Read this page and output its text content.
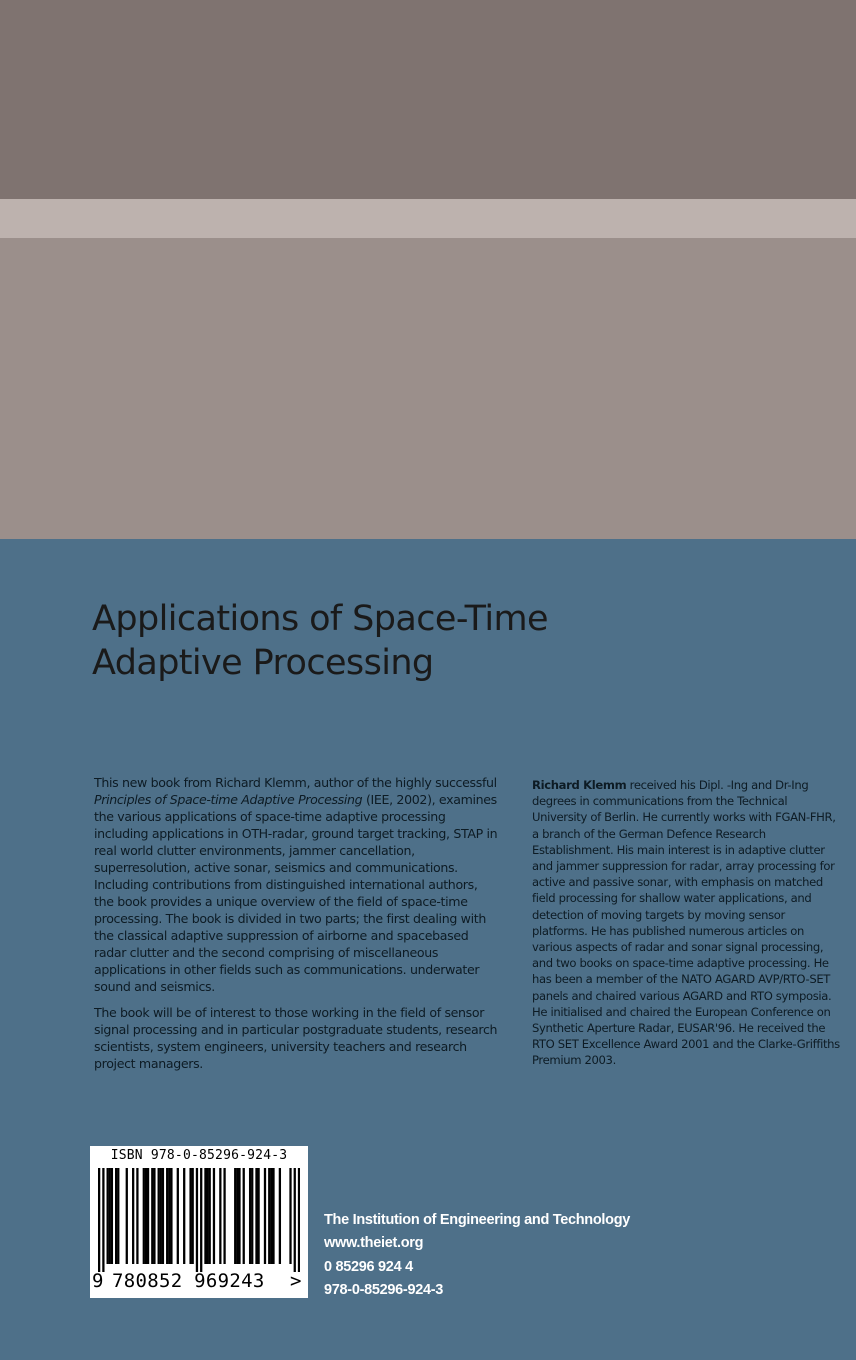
Applications of Space-Time
Adaptive Processing

This new book from Richard Klemm, author of the highly successful Principles of Space-time Adaptive Processing (IEE, 2002), examines the various applications of space-time adaptive processing including applications in OTH-radar, ground target tracking, STAP in real world clutter environments, jammer cancellation, superresolution, active sonar, seismics and communications. Including contributions from distinguished international authors, the book provides a unique overview of the field of space-time processing. The book is divided in two parts; the first dealing with the classical adaptive suppression of airborne and spacebased radar clutter and the second comprising of miscellaneous applications in other fields such as communications. underwater sound and seismics.

The book will be of interest to those working in the field of sensor signal processing and in particular postgraduate students, research scientists, system engineers, university teachers and research project managers.

Richard Klemm received his Dipl. -Ing and Dr-Ing degrees in communications from the Technical University of Berlin. He currently works with FGAN-FHR, a branch of the German Defence Research Establishment. His main interest is in adaptive clutter and jammer suppression for radar, array processing for active and passive sonar, with emphasis on matched field processing for shallow water applications, and detection of moving targets by moving sensor platforms. He has published numerous articles on various aspects of radar and sonar signal processing, and two books on space-time adaptive processing. He has been a member of the NATO AGARD AVP/RTO-SET panels and chaired various AGARD and RTO symposia. He initialised and chaired the European Conference on Synthetic Aperture Radar, EUSAR'96. He received the RTO SET Excellence Award 2001 and the Clarke-Griffiths Premium 2003.

ISBN 978-0-85296-924-3
9 780852 969243	>
The Institution of Engineering and Technology
www.theiet.org
0 85296 924 4
978-0-85296-924-3
